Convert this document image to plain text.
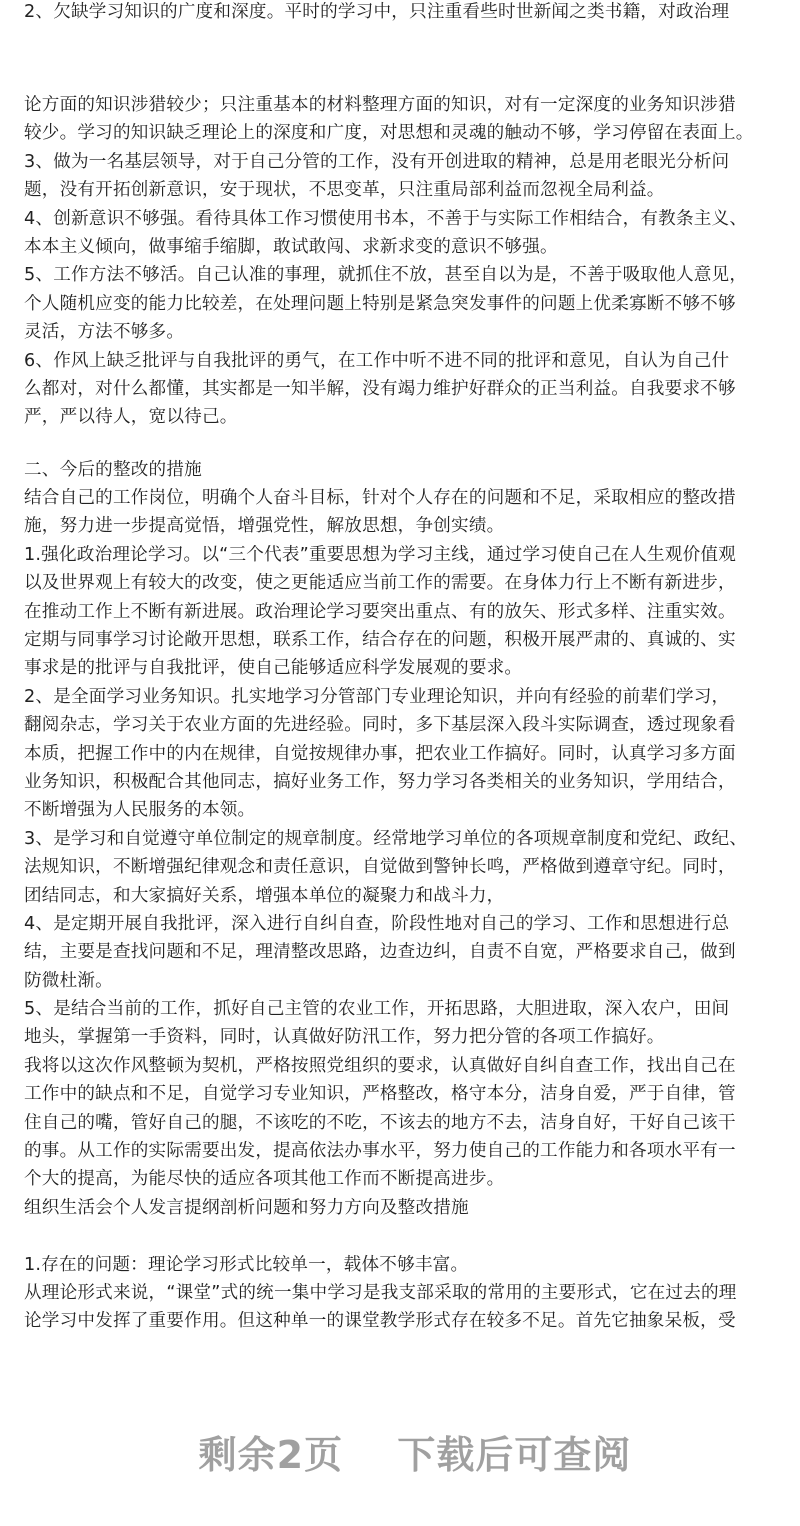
2、欠缺学习知识的广度和深度。平时的学习中，只注重看些时世新闻之类书籍，对政治理
论方面的知识涉猎较少；只注重基本的材料整理方面的知识，对有一定深度的业务知识涉猎
较少。学习的知识缺乏理论上的深度和广度，对思想和灵魂的触动不够，学习停留在表面上。
3、做为一名基层领导，对于自己分管的工作，没有开创进取的精神，总是用老眼光分析问
题，没有开拓创新意识，安于现状，不思变革，只注重局部利益而忽视全局利益。
4、创新意识不够强。看待具体工作习惯使用书本，不善于与实际工作相结合，有教条主义、
本本主义倾向，做事缩手缩脚，敢试敢闯、求新求变的意识不够强。
5、工作方法不够活。自己认准的事理，就抓住不放，甚至自以为是，不善于吸取他人意见，
个人随机应变的能力比较差，在处理问题上特别是紧急突发事件的问题上优柔寡断不够不够
灵活，方法不够多。
6、作风上缺乏批评与自我批评的勇气，在工作中听不进不同的批评和意见，自认为自己什
么都对，对什么都懂，其实都是一知半解，没有竭力维护好群众的正当利益。自我要求不够
严，严以待人，宽以待己。
二、今后的整改的措施
结合自己的工作岗位，明确个人奋斗目标，针对个人存在的问题和不足，采取相应的整改措
施，努力进一步提高觉悟，增强党性，解放思想，争创实绩。
1.强化政治理论学习。以“三个代表”重要思想为学习主线，通过学习使自己在人生观价值观
以及世界观上有较大的改变，使之更能适应当前工作的需要。在身体力行上不断有新进步，
在推动工作上不断有新进展。政治理论学习要突出重点、有的放矢、形式多样、注重实效。
定期与同事学习讨论敞开思想，联系工作，结合存在的问题，积极开展严肃的、真诚的、实
事求是的批评与自我批评，使自己能够适应科学发展观的要求。
2、是全面学习业务知识。扎实地学习分管部门专业理论知识，并向有经验的前辈们学习，
翻阅杂志，学习关于农业方面的先进经验。同时，多下基层深入段斗实际调查，透过现象看
本质，把握工作中的内在规律，自觉按规律办事，把农业工作搞好。同时，认真学习多方面
业务知识，积极配合其他同志，搞好业务工作，努力学习各类相关的业务知识，学用结合，
不断增强为人民服务的本领。
3、是学习和自觉遵守单位制定的规章制度。经常地学习单位的各项规章制度和党纪、政纪、
法规知识，不断增强纪律观念和责任意识，自觉做到警钟长鸣，严格做到遵章守纪。同时，
团结同志，和大家搞好关系，增强本单位的凝聚力和战斗力，
4、是定期开展自我批评，深入进行自纠自查，阶段性地对自己的学习、工作和思想进行总
结，主要是查找问题和不足，理清整改思路，边查边纠，自责不自宽，严格要求自己，做到
防微杜渐。
5、是结合当前的工作，抓好自己主管的农业工作，开拓思路，大胆进取，深入农户，田间
地头，掌握第一手资料，同时，认真做好防汛工作，努力把分管的各项工作搞好。
我将以这次作风整顿为契机，严格按照党组织的要求，认真做好自纠自查工作，找出自己在
工作中的缺点和不足，自觉学习专业知识，严格整改，格守本分，洁身自爱，严于自律，管
住自己的嘴，管好自己的腿，不该吃的不吃，不该去的地方不去，洁身自好，干好自己该干
的事。从工作的实际需要出发，提高依法办事水平，努力使自己的工作能力和各项水平有一
个大的提高，为能尽快的适应各项其他工作而不断提高进步。
组织生活会个人发言提纲剖析问题和努力方向及整改措施
1.存在的问题：理论学习形式比较单一，载体不够丰富。
从理论形式来说，“课堂”式的统一集中学习是我支部采取的常用的主要形式，它在过去的理
论学习中发挥了重要作用。但这种单一的课堂教学形式存在较多不足。首先它抽象呆板，受
剩余2页 下载后可查阅
